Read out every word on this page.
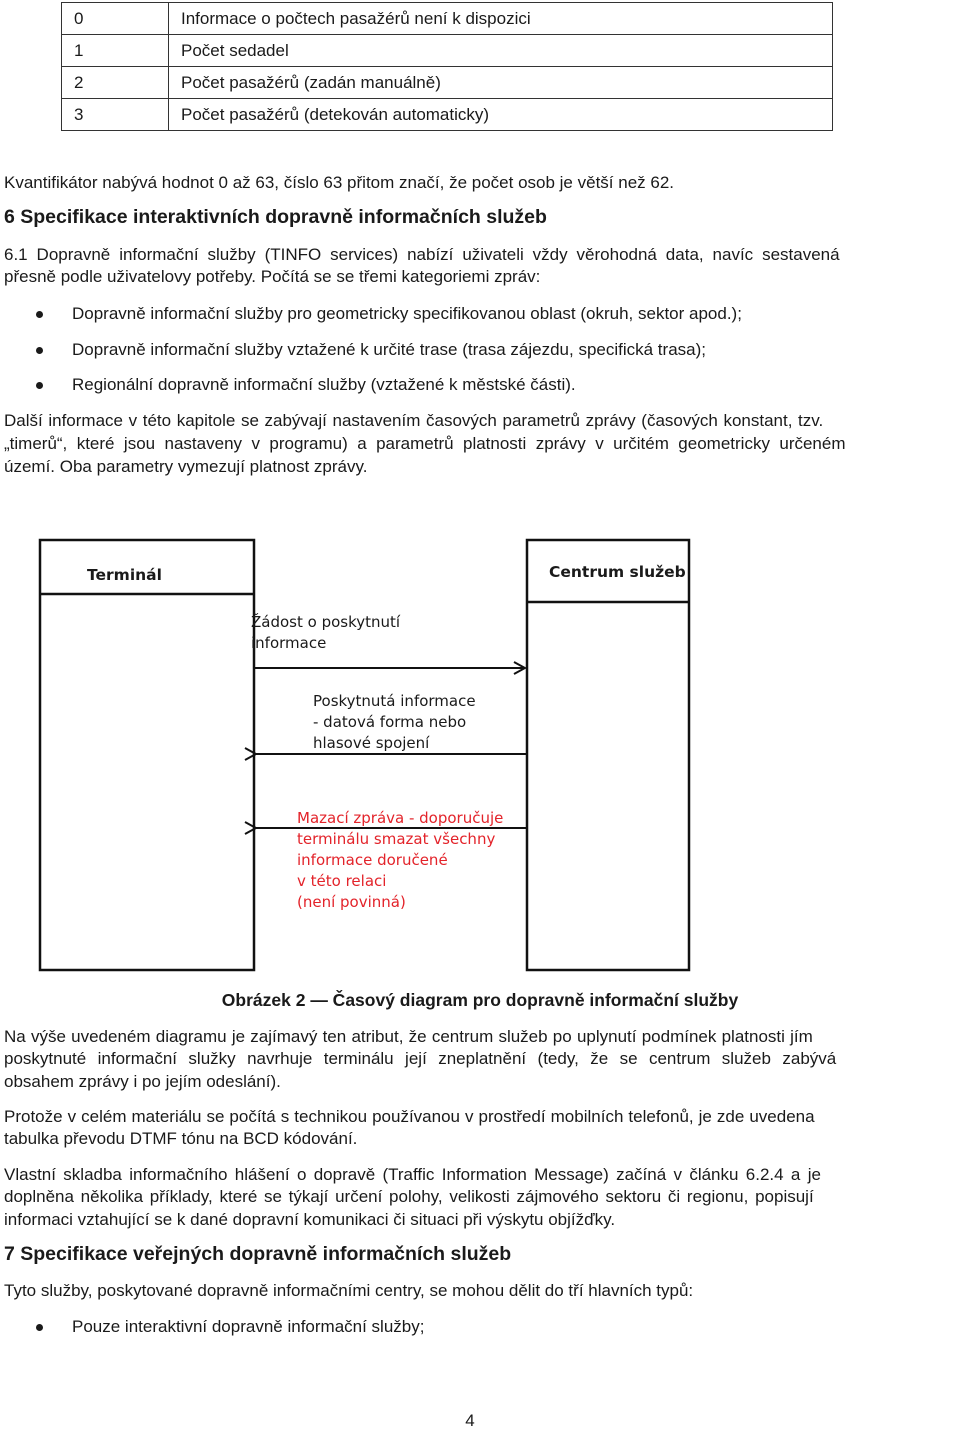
0	Informace o počtech pasažérů není k dispozici
1	Počet sedadel
2	Počet pasažérů (zadán manuálně)
3	Počet pasažérů (detekován automaticky)
Kvantifikátor nabývá hodnot 0 až 63, číslo 63 přitom značí, že počet osob je větší než 62.
6 Specifikace interaktivních dopravně informačních služeb
6.1 Dopravně informační služby (TINFO services) nabízí uživateli vždy věrohodná data, navíc sestavená
přesně podle uživatelovy potřeby. Počítá se se třemi kategoriemi zpráv:
Dopravně informační služby pro geometricky specifikovanou oblast (okruh, sektor apod.);
Dopravně informační služby vztažené k určité trase (trasa zájezdu, specifická trasa);
Regionální dopravně informační služby (vztažené k městské části).
Další informace v této kapitole se zabývají nastavením časových parametrů zprávy (časových konstant, tzv.
„timerů“, které jsou nastaveny v programu) a parametrů platnosti zprávy v určitém geometricky určeném
území. Oba parametry vymezují platnost zprávy.
Terminál	Centrum služeb
Žádost o poskytnutí
informace
Poskytnutá informace
- datová forma nebo
hlasové spojení
Mazací zpráva - doporučuje
terminálu smazat všechny
informace doručené
v této relaci
(není povinná)
Obrázek 2 — Časový diagram pro dopravně informační služby
Na výše uvedeném diagramu je zajímavý ten atribut, že centrum služeb po uplynutí podmínek platnosti jím
poskytnuté informační služky navrhuje terminálu její zneplatnění (tedy, že se centrum služeb zabývá
obsahem zprávy i po jejím odeslání).
Protože v celém materiálu se počítá s technikou používanou v prostředí mobilních telefonů, je zde uvedena
tabulka převodu DTMF tónu na BCD kódování.
Vlastní skladba informačního hlášení o dopravě (Traffic Information Message) začíná v článku 6.2.4 a je
doplněna několika příklady, které se týkají určení polohy, velikosti zájmového sektoru či regionu, popisují
informaci vztahující se k dané dopravní komunikaci či situaci při výskytu objížďky.
7 Specifikace veřejných dopravně informačních služeb
Tyto služby, poskytované dopravně informačními centry, se mohou dělit do tří hlavních typů:
Pouze interaktivní dopravně informační služby;
4
